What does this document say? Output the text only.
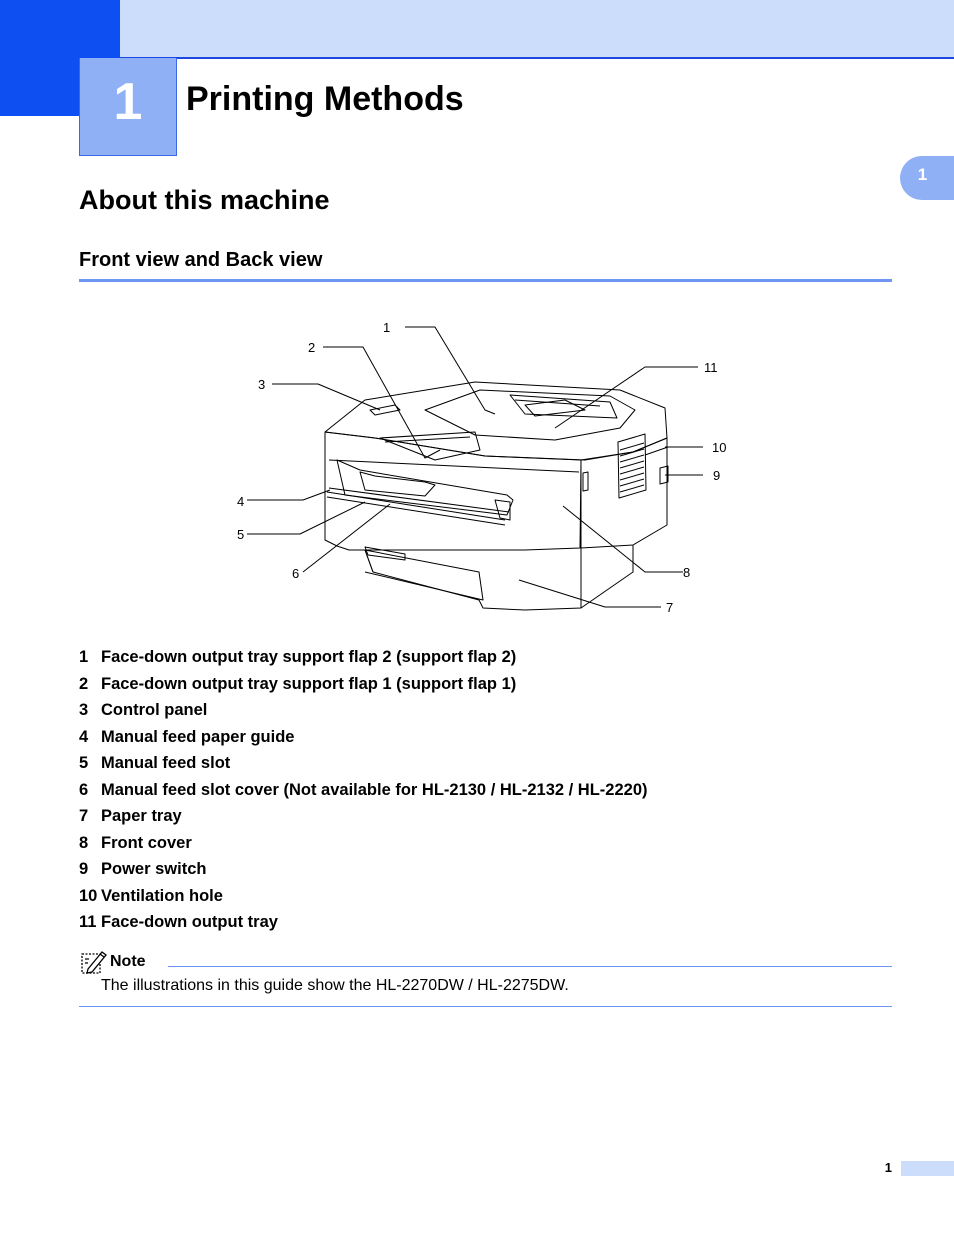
1	Printing Methods
1
About this machine
Front view and Back view
1
2
3
4
5
6
7
8
9
10
11
1 Face-down output tray support flap 2 (support flap 2)
2 Face-down output tray support flap 1 (support flap 1)
3 Control panel
4 Manual feed paper guide
5 Manual feed slot
6 Manual feed slot cover (Not available for HL-2130 / HL-2132 / HL-2220)
7 Paper tray
8 Front cover
9 Power switch
10 Ventilation hole
11 Face-down output tray
Note
The illustrations in this guide show the HL-2270DW / HL-2275DW.
1
